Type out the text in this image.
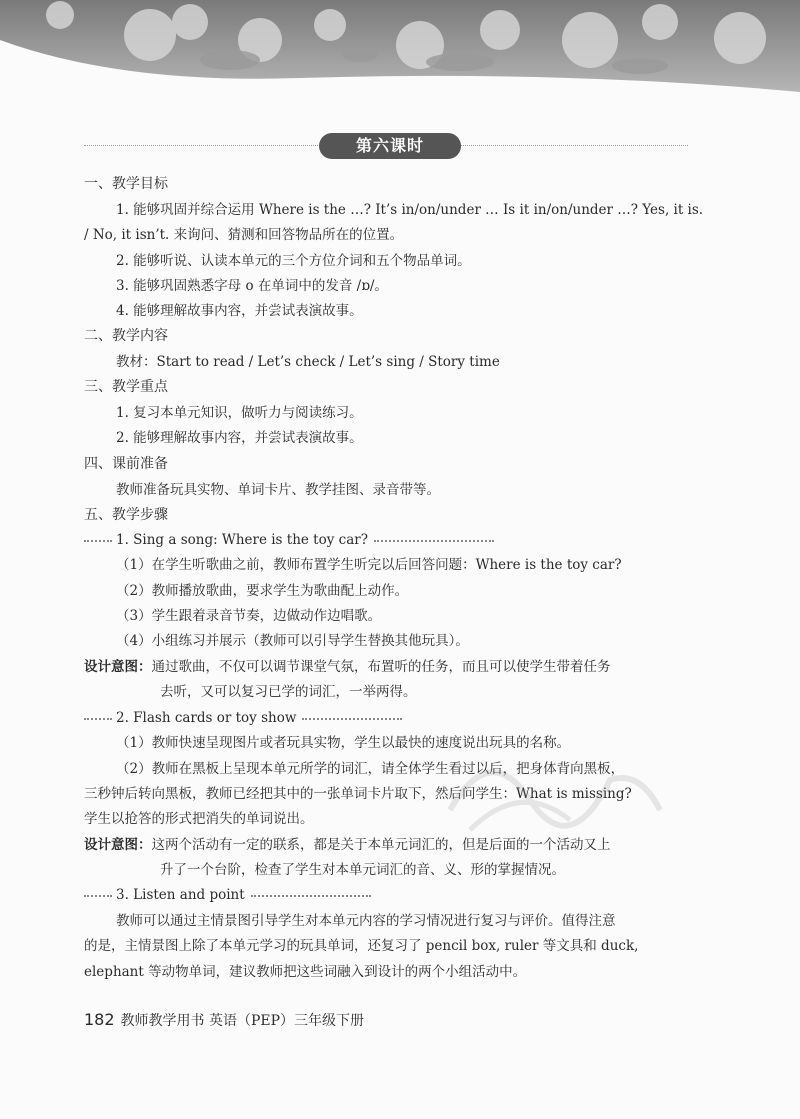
第六课时
一、教学目标
1. 能够巩固并综合运用 Where is the …? It’s in/on/under … Is it in/on/under …? Yes, it is.
/ No, it isn’t. 来询问、猜测和回答物品所在的位置。
2. 能够听说、认读本单元的三个方位介词和五个物品单词。
3. 能够巩固熟悉字母 o 在单词中的发音 /ɒ/。
4. 能够理解故事内容，并尝试表演故事。
二、教学内容
教材：Start to read / Let’s check / Let’s sing / Story time
三、教学重点
1. 复习本单元知识，做听力与阅读练习。
2. 能够理解故事内容，并尝试表演故事。
四、课前准备
教师准备玩具实物、单词卡片、教学挂图、录音带等。
五、教学步骤
1. Sing a song: Where is the toy car?
（1）在学生听歌曲之前，教师布置学生听完以后回答问题：Where is the toy car?
（2）教师播放歌曲，要求学生为歌曲配上动作。
（3）学生跟着录音节奏，边做动作边唱歌。
（4）小组练习并展示（教师可以引导学生替换其他玩具）。
设计意图：通过歌曲，不仅可以调节课堂气氛，布置听的任务，而且可以使学生带着任务
去听，又可以复习已学的词汇，一举两得。
2. Flash cards or toy show
（1）教师快速呈现图片或者玩具实物，学生以最快的速度说出玩具的名称。
（2）教师在黑板上呈现本单元所学的词汇，请全体学生看过以后，把身体背向黑板，
三秒钟后转向黑板，教师已经把其中的一张单词卡片取下，然后问学生：What is missing?
学生以抢答的形式把消失的单词说出。
设计意图：这两个活动有一定的联系，都是关于本单元词汇的，但是后面的一个活动又上
升了一个台阶，检查了学生对本单元词汇的音、义、形的掌握情况。
3. Listen and point
教师可以通过主情景图引导学生对本单元内容的学习情况进行复习与评价。值得注意
的是，主情景图上除了本单元学习的玩具单词，还复习了 pencil box, ruler 等文具和 duck,
elephant 等动物单词，建议教师把这些词融入到设计的两个小组活动中。
182 教师教学用书 英语（PEP）三年级下册
